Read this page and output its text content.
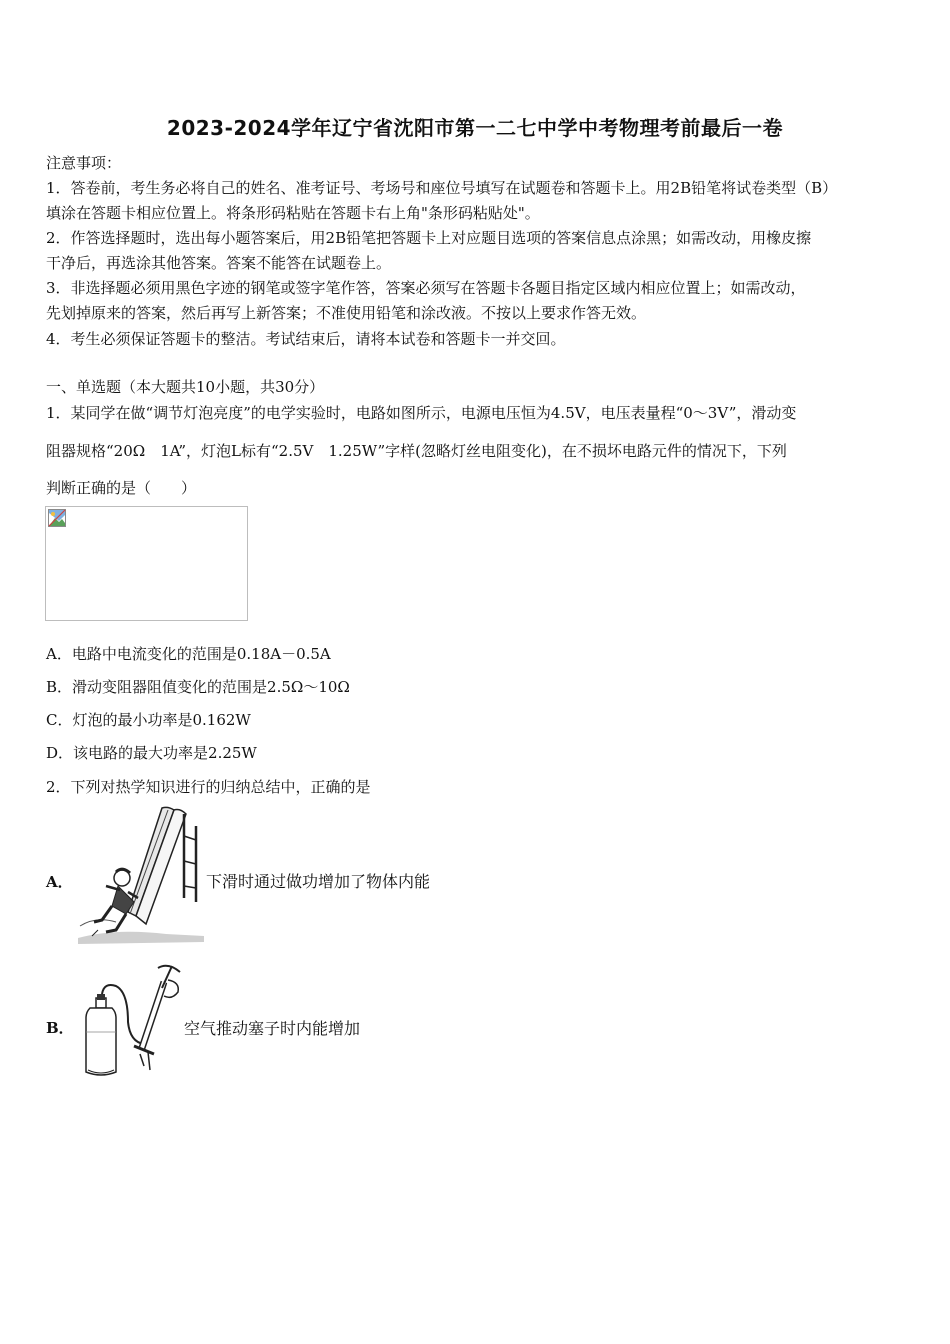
2023-2024学年辽宁省沈阳市第一二七中学中考物理考前最后一卷
注意事项：
1．答卷前，考生务必将自己的姓名、准考证号、考场号和座位号填写在试题卷和答题卡上。用2B铅笔将试卷类型（B）
填涂在答题卡相应位置上。将条形码粘贴在答题卡右上角"条形码粘贴处"。
2．作答选择题时，选出每小题答案后，用2B铅笔把答题卡上对应题目选项的答案信息点涂黑；如需改动，用橡皮擦
干净后，再选涂其他答案。答案不能答在试题卷上。
3．非选择题必须用黑色字迹的钢笔或签字笔作答，答案必须写在答题卡各题目指定区域内相应位置上；如需改动，
先划掉原来的答案，然后再写上新答案；不准使用铅笔和涂改液。不按以上要求作答无效。
4．考生必须保证答题卡的整洁。考试结束后，请将本试卷和答题卡一并交回。
一、单选题（本大题共10小题，共30分）
1．某同学在做“调节灯泡亮度”的电学实验时，电路如图所示，电源电压恒为4.5V，电压表量程“0～3V”，滑动变
阻器规格“20Ω　1A”，灯泡L标有“2.5V　1.25W”字样(忽略灯丝电阻变化)，在不损坏电路元件的情况下，下列
判断正确的是（　　）
A．电路中电流变化的范围是0.18A－0.5A
B．滑动变阻器阻值变化的范围是2.5Ω～10Ω
C．灯泡的最小功率是0.162W
D．该电路的最大功率是2.25W
2．下列对热学知识进行的归纳总结中，正确的是
A．	下滑时通过做功增加了物体内能
B．	空气推动塞子时内能增加
